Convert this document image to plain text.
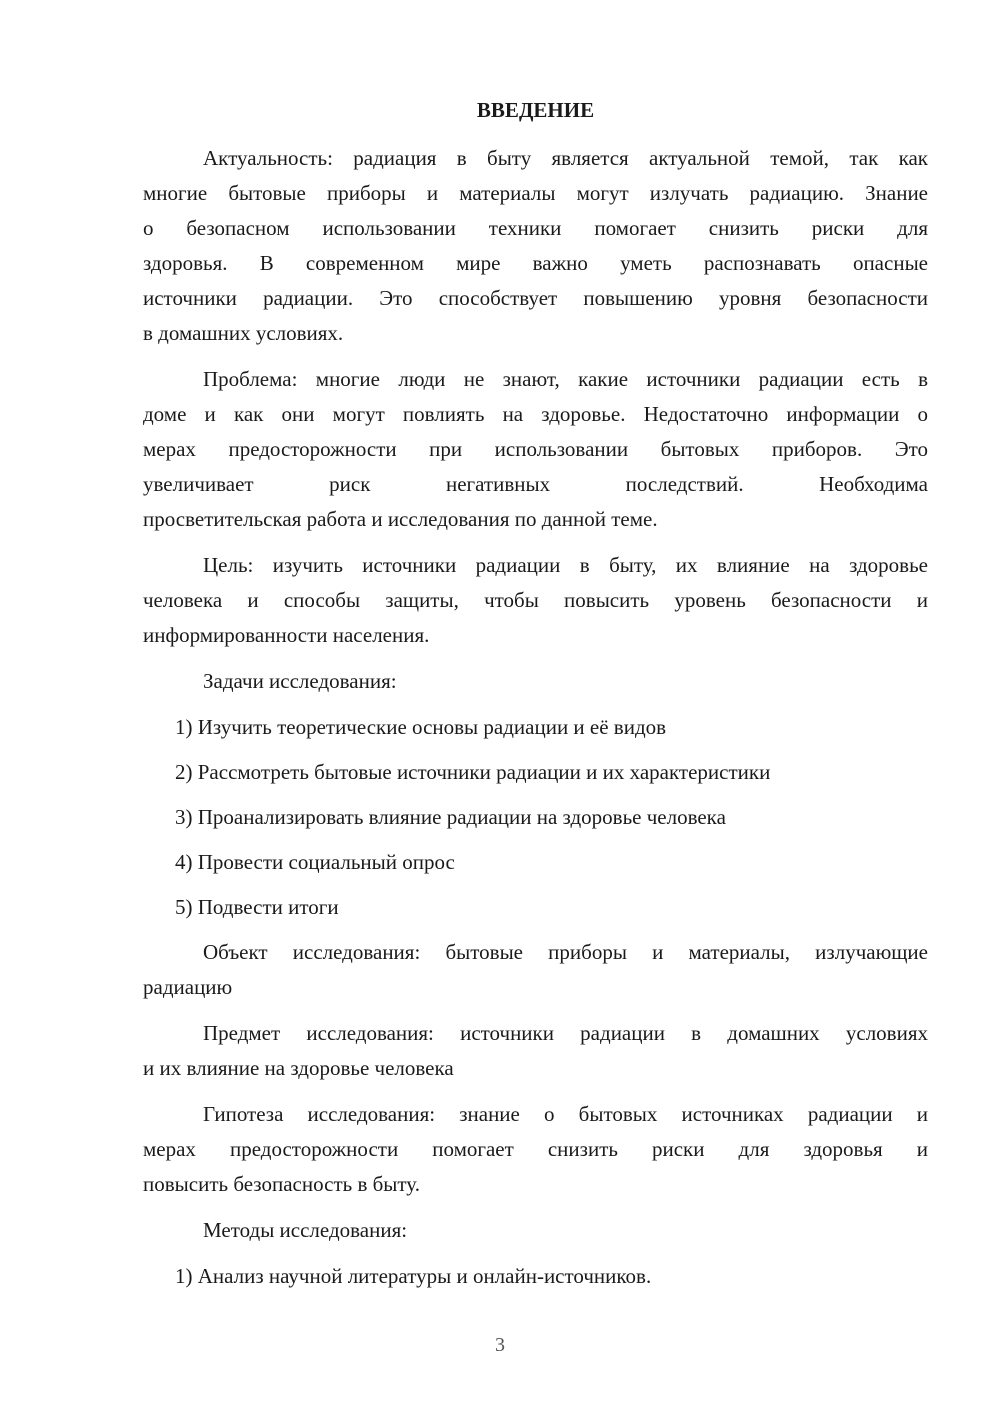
ВВЕДЕНИЕ
Актуальность: радиация в быту является актуальной темой, так как
многие бытовые приборы и материалы могут излучать радиацию. Знание
о безопасном использовании техники помогает снизить риски для
здоровья. В современном мире важно уметь распознавать опасные
источники радиации. Это способствует повышению уровня безопасности
в домашних условиях.
Проблема: многие люди не знают, какие источники радиации есть в
доме и как они могут повлиять на здоровье. Недостаточно информации о
мерах предосторожности при использовании бытовых приборов. Это
увеличивает риск негативных последствий. Необходима
просветительская работа и исследования по данной теме.
Цель: изучить источники радиации в быту, их влияние на здоровье
человека и способы защиты, чтобы повысить уровень безопасности и
информированности населения.
Задачи исследования:
1) Изучить теоретические основы радиации и её видов
2) Рассмотреть бытовые источники радиации и их характеристики
3) Проанализировать влияние радиации на здоровье человека
4) Провести социальный опрос
5) Подвести итоги
Объект исследования: бытовые приборы и материалы, излучающие
радиацию
Предмет исследования: источники радиации в домашних условиях
и их влияние на здоровье человека
Гипотеза исследования: знание о бытовых источниках радиации и
мерах предосторожности помогает снизить риски для здоровья и
повысить безопасность в быту.
Методы исследования:
1) Анализ научной литературы и онлайн-источников.
3
